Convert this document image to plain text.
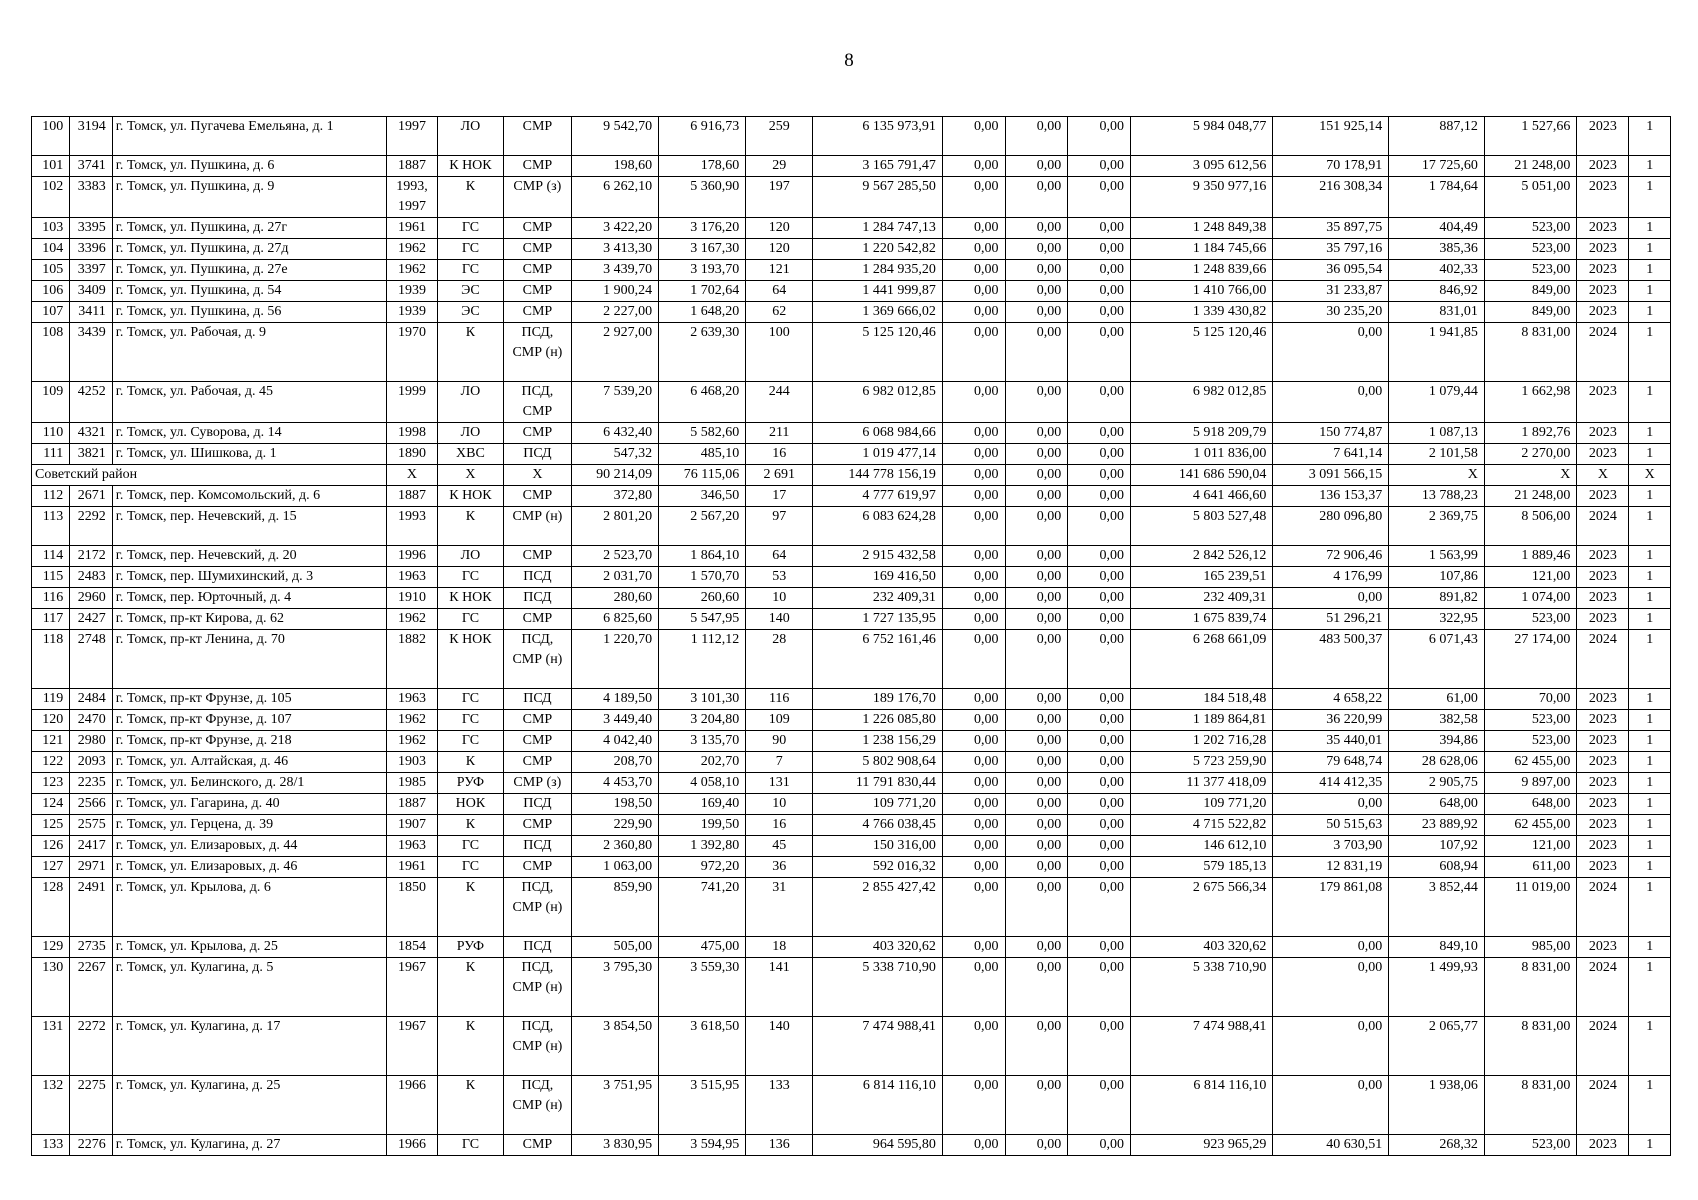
8
100	3194	г. Томск, ул. Пугачева Емельяна, д. 1	1997	ЛО	СМР	9 542,70	6 916,73	259	6 135 973,91	0,00	0,00	0,00	5 984 048,77	151 925,14	887,12	1 527,66	2023	1
101	3741	г. Томск, ул. Пушкина, д. 6	1887	К НОК	СМР	198,60	178,60	29	3 165 791,47	0,00	0,00	0,00	3 095 612,56	70 178,91	17 725,60	21 248,00	2023	1
102	3383	г. Томск, ул. Пушкина, д. 9	1993, 1997	К	СМР (з)	6 262,10	5 360,90	197	9 567 285,50	0,00	0,00	0,00	9 350 977,16	216 308,34	1 784,64	5 051,00	2023	1
103	3395	г. Томск, ул. Пушкина, д. 27г	1961	ГС	СМР	3 422,20	3 176,20	120	1 284 747,13	0,00	0,00	0,00	1 248 849,38	35 897,75	404,49	523,00	2023	1
104	3396	г. Томск, ул. Пушкина, д. 27д	1962	ГС	СМР	3 413,30	3 167,30	120	1 220 542,82	0,00	0,00	0,00	1 184 745,66	35 797,16	385,36	523,00	2023	1
105	3397	г. Томск, ул. Пушкина, д. 27е	1962	ГС	СМР	3 439,70	3 193,70	121	1 284 935,20	0,00	0,00	0,00	1 248 839,66	36 095,54	402,33	523,00	2023	1
106	3409	г. Томск, ул. Пушкина, д. 54	1939	ЭС	СМР	1 900,24	1 702,64	64	1 441 999,87	0,00	0,00	0,00	1 410 766,00	31 233,87	846,92	849,00	2023	1
107	3411	г. Томск, ул. Пушкина, д. 56	1939	ЭС	СМР	2 227,00	1 648,20	62	1 369 666,02	0,00	0,00	0,00	1 339 430,82	30 235,20	831,01	849,00	2023	1
108	3439	г. Томск, ул. Рабочая, д. 9	1970	К	ПСД, СМР (н)	2 927,00	2 639,30	100	5 125 120,46	0,00	0,00	0,00	5 125 120,46	0,00	1 941,85	8 831,00	2024	1
109	4252	г. Томск, ул. Рабочая, д. 45	1999	ЛО	ПСД, СМР	7 539,20	6 468,20	244	6 982 012,85	0,00	0,00	0,00	6 982 012,85	0,00	1 079,44	1 662,98	2023	1
110	4321	г. Томск, ул. Суворова, д. 14	1998	ЛО	СМР	6 432,40	5 582,60	211	6 068 984,66	0,00	0,00	0,00	5 918 209,79	150 774,87	1 087,13	1 892,76	2023	1
111	3821	г. Томск, ул. Шишкова, д. 1	1890	ХВС	ПСД	547,32	485,10	16	1 019 477,14	0,00	0,00	0,00	1 011 836,00	7 641,14	2 101,58	2 270,00	2023	1
Советский район			Х	Х	Х	90 214,09	76 115,06	2 691	144 778 156,19	0,00	0,00	0,00	141 686 590,04	3 091 566,15	Х	Х	Х	Х
112	2671	г. Томск, пер. Комсомольский, д. 6	1887	К НОК	СМР	372,80	346,50	17	4 777 619,97	0,00	0,00	0,00	4 641 466,60	136 153,37	13 788,23	21 248,00	2023	1
113	2292	г. Томск, пер. Нечевский, д. 15	1993	К	СМР (н)	2 801,20	2 567,20	97	6 083 624,28	0,00	0,00	0,00	5 803 527,48	280 096,80	2 369,75	8 506,00	2024	1
114	2172	г. Томск, пер. Нечевский, д. 20	1996	ЛО	СМР	2 523,70	1 864,10	64	2 915 432,58	0,00	0,00	0,00	2 842 526,12	72 906,46	1 563,99	1 889,46	2023	1
115	2483	г. Томск, пер. Шумихинский, д. 3	1963	ГС	ПСД	2 031,70	1 570,70	53	169 416,50	0,00	0,00	0,00	165 239,51	4 176,99	107,86	121,00	2023	1
116	2960	г. Томск, пер. Юрточный, д. 4	1910	К НОК	ПСД	280,60	260,60	10	232 409,31	0,00	0,00	0,00	232 409,31	0,00	891,82	1 074,00	2023	1
117	2427	г. Томск, пр-кт Кирова, д. 62	1962	ГС	СМР	6 825,60	5 547,95	140	1 727 135,95	0,00	0,00	0,00	1 675 839,74	51 296,21	322,95	523,00	2023	1
118	2748	г. Томск, пр-кт Ленина, д. 70	1882	К НОК	ПСД, СМР (н)	1 220,70	1 112,12	28	6 752 161,46	0,00	0,00	0,00	6 268 661,09	483 500,37	6 071,43	27 174,00	2024	1
119	2484	г. Томск, пр-кт Фрунзе, д. 105	1963	ГС	ПСД	4 189,50	3 101,30	116	189 176,70	0,00	0,00	0,00	184 518,48	4 658,22	61,00	70,00	2023	1
120	2470	г. Томск, пр-кт Фрунзе, д. 107	1962	ГС	СМР	3 449,40	3 204,80	109	1 226 085,80	0,00	0,00	0,00	1 189 864,81	36 220,99	382,58	523,00	2023	1
121	2980	г. Томск, пр-кт Фрунзе, д. 218	1962	ГС	СМР	4 042,40	3 135,70	90	1 238 156,29	0,00	0,00	0,00	1 202 716,28	35 440,01	394,86	523,00	2023	1
122	2093	г. Томск, ул. Алтайская, д. 46	1903	К	СМР	208,70	202,70	7	5 802 908,64	0,00	0,00	0,00	5 723 259,90	79 648,74	28 628,06	62 455,00	2023	1
123	2235	г. Томск, ул. Белинского, д. 28/1	1985	РУФ	СМР (з)	4 453,70	4 058,10	131	11 791 830,44	0,00	0,00	0,00	11 377 418,09	414 412,35	2 905,75	9 897,00	2023	1
124	2566	г. Томск, ул. Гагарина, д. 40	1887	НОК	ПСД	198,50	169,40	10	109 771,20	0,00	0,00	0,00	109 771,20	0,00	648,00	648,00	2023	1
125	2575	г. Томск, ул. Герцена, д. 39	1907	К	СМР	229,90	199,50	16	4 766 038,45	0,00	0,00	0,00	4 715 522,82	50 515,63	23 889,92	62 455,00	2023	1
126	2417	г. Томск, ул. Елизаровых, д. 44	1963	ГС	ПСД	2 360,80	1 392,80	45	150 316,00	0,00	0,00	0,00	146 612,10	3 703,90	107,92	121,00	2023	1
127	2971	г. Томск, ул. Елизаровых, д. 46	1961	ГС	СМР	1 063,00	972,20	36	592 016,32	0,00	0,00	0,00	579 185,13	12 831,19	608,94	611,00	2023	1
128	2491	г. Томск, ул. Крылова, д. 6	1850	К	ПСД, СМР (н)	859,90	741,20	31	2 855 427,42	0,00	0,00	0,00	2 675 566,34	179 861,08	3 852,44	11 019,00	2024	1
129	2735	г. Томск, ул. Крылова, д. 25	1854	РУФ	ПСД	505,00	475,00	18	403 320,62	0,00	0,00	0,00	403 320,62	0,00	849,10	985,00	2023	1
130	2267	г. Томск, ул. Кулагина, д. 5	1967	К	ПСД, СМР (н)	3 795,30	3 559,30	141	5 338 710,90	0,00	0,00	0,00	5 338 710,90	0,00	1 499,93	8 831,00	2024	1
131	2272	г. Томск, ул. Кулагина, д. 17	1967	К	ПСД, СМР (н)	3 854,50	3 618,50	140	7 474 988,41	0,00	0,00	0,00	7 474 988,41	0,00	2 065,77	8 831,00	2024	1
132	2275	г. Томск, ул. Кулагина, д. 25	1966	К	ПСД, СМР (н)	3 751,95	3 515,95	133	6 814 116,10	0,00	0,00	0,00	6 814 116,10	0,00	1 938,06	8 831,00	2024	1
133	2276	г. Томск, ул. Кулагина, д. 27	1966	ГС	СМР	3 830,95	3 594,95	136	964 595,80	0,00	0,00	0,00	923 965,29	40 630,51	268,32	523,00	2023	1
